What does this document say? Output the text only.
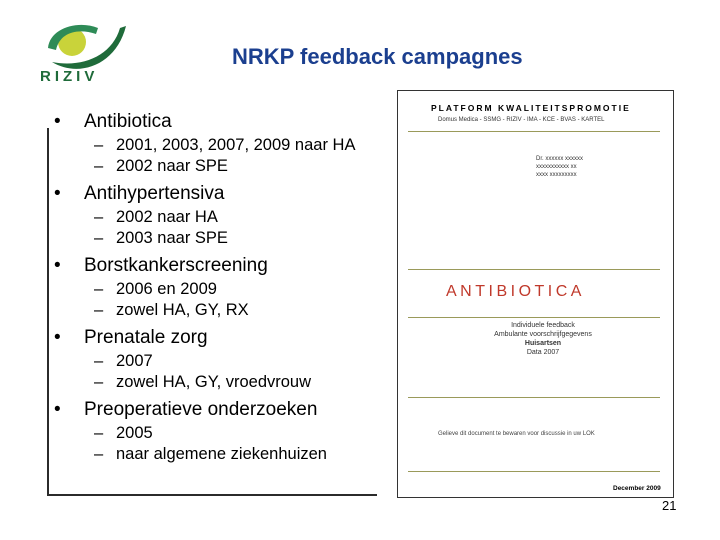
RIZIV
NRKP feedback campagnes

• Antibiotica

– 2001, 2003, 2007, 2009 naar HA
– 2002 naar SPE

• Antihypertensiva

– 2002 naar HA
– 2003 naar SPE

• Borstkankerscreening

– 2006 en 2009
– zowel HA, GY, RX

• Prenatale zorg

– 2007
– zowel HA, GY, vroedvrouw

• Preoperatieve onderzoeken

– 2005
– naar algemene ziekenhuizen
PLATFORM KWALITEITSPROMOTIE
Domus Medica - SSMG - RIZIV - IMA - KCE - BVAS - KARTEL
Dr. xxxxxx xxxxxx
xxxxxxxxxxx xx
xxxx xxxxxxxxx
ANTIBIOTICA
Individuele feedback
Ambulante voorschrijfgegevens
Huisartsen
Data 2007
Gelieve dit document te bewaren voor discussie in uw LOK
December 2009
21
